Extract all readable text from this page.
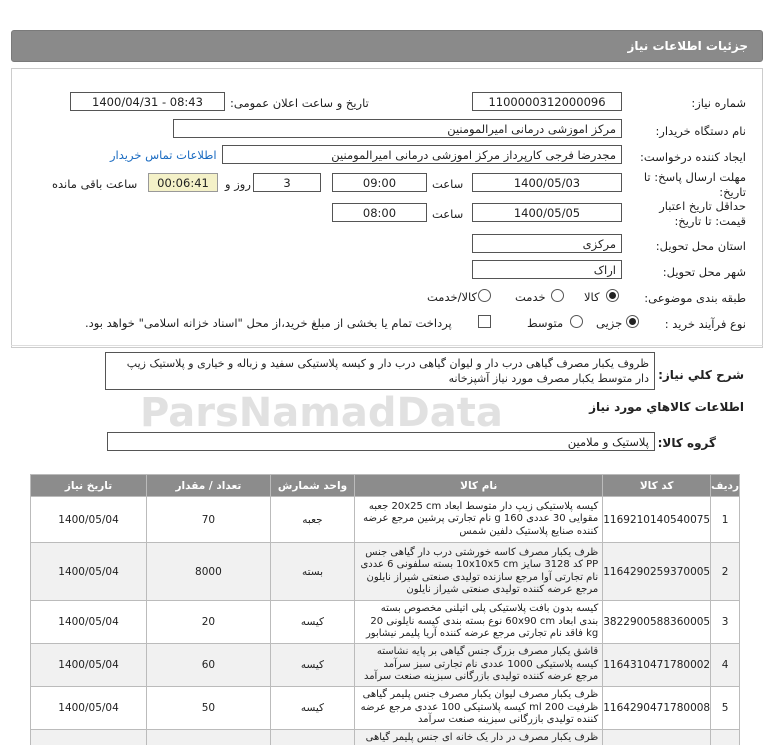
جزئیات اطلاعات نیاز
شماره نیاز:
1100000312000096
تاریخ و ساعت اعلان عمومی:
1400/04/31 - 08:43
نام دستگاه خریدار:
مرکز اموزشی درمانی امیرالمومنین
ایجاد کننده درخواست:
مجدرضا فرجی کارپرداز مرکز اموزشی درمانی امیرالمومنین
اطلاعات تماس خریدار
مهلت ارسال پاسخ: تا تاریخ:
1400/05/03
ساعت
09:00
3
روز و
00:06:41
ساعت باقی مانده
حداقل تاریخ اعتبار قیمت: تا تاریخ:
1400/05/05
ساعت
08:00
استان محل تحویل:
مرکزی
شهر محل تحویل:
اراک
طبقه بندی موضوعی:
کالا
خدمت
کالا/خدمت
نوع فرآیند خرید :
جزیی
متوسط
پرداخت تمام یا بخشی از مبلغ خرید،از محل "اسناد خزانه اسلامی" خواهد بود.
شرح کلي نياز:
ظروف یکبار مصرف گیاهی درب دار و لیوان گیاهی درب دار و کیسه پلاستیکی سفید و زباله و خیاری و پلاستیک زیپ دار متوسط یکبار مصرف مورد نیاز آشپزخانه
اطلاعات کالاهاي مورد نياز
گروه کالا:
پلاستیک و ملامین
ParsNamadData
ردیف	کد کالا	نام کالا	واحد شمارش	تعداد / مقدار	تاریخ نیاز
1	1169210140540075	کیسه پلاستیکی زیپ دار متوسط ابعاد 20x25 cm جعبه مقوایی 30 عددی 160 g نام تجارتی پرشین مرجع عرضه کننده صنایع پلاستیک دلفین شمس	جعبه	70	1400/05/04
2	1164290259370005	ظرف یکبار مصرف کاسه خورشتی درب دار گیاهی جنس PP کد 3128 سایز 10x10x5 cm بسته سلفونی 6 عددی نام تجارتی آوا مرجع سازنده تولیدی صنعتی شیراز نایلون مرجع عرضه کننده تولیدی صنعتی شیراز نایلون	بسته	8000	1400/05/04
3	3822900588360005	کیسه بدون بافت پلاستیکی پلی اتیلنی مخصوص بسته بندی ابعاد 60x90 cm نوع بسته بندی کیسه نایلونی 20 kg فاقد نام تجارتی مرجع عرضه کننده آریا پلیمر نیشابور	کیسه	20	1400/05/04
4	1164310471780002	قاشق یکبار مصرف بزرگ جنس گیاهی بر پایه نشاسته کیسه پلاستیکی 1000 عددی نام تجارتی سبز سرآمد مرجع عرضه کننده تولیدی بازرگانی سبزینه صنعت سرآمد	کیسه	60	1400/05/04
5	1164290471780008	ظرف یکبار مصرف لیوان یکبار مصرف جنس پلیمر گیاهی ظرفیت 200 ml کیسه پلاستیکی 100 عددی مرجع عرضه کننده تولیدی بازرگانی سبزینه صنعت سرآمد	کیسه	50	1400/05/04
		ظرف یکبار مصرف در دار یک خانه ای جنس پلیمر گیاهی			
